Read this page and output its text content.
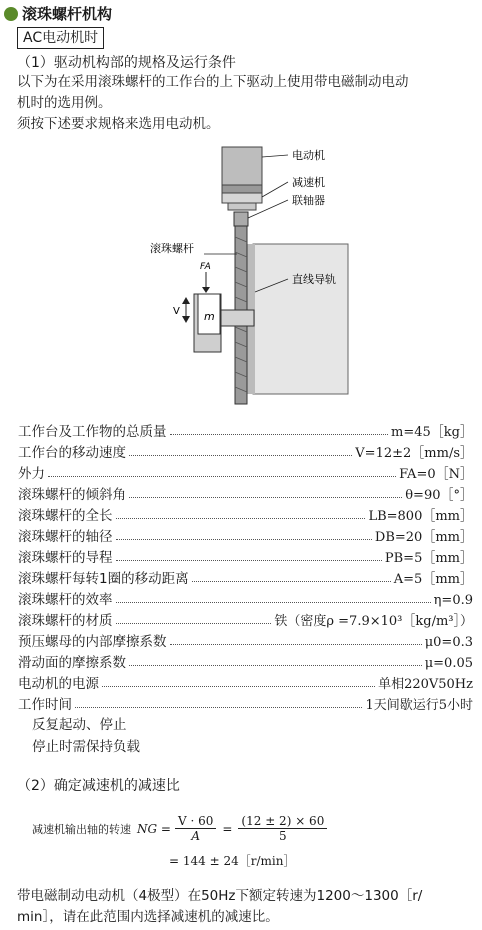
滚珠螺杆机构
AC电动机时
（1）驱动机构部的规格及运行条件
以下为在采用滚珠螺杆的工作台的上下驱动上使用带电磁制动电动
机时的选用例。
须按下述要求规格来选用电动机。
m
FA
V
电动机
减速机
联轴器
滚珠螺杆
直线导轨
工作台及工作物的总质量	m=45［kg］
工作台的移动速度	V=12±2［mm/s］
外力	FA=0［N］
滚珠螺杆的倾斜角	θ=90［°］
滚珠螺杆的全长	LB=800［mm］
滚珠螺杆的轴径	DB=20［mm］
滚珠螺杆的导程	PB=5［mm］
滚珠螺杆每转1圈的移动距离	A=5［mm］
滚珠螺杆的效率	η=0.9
滚珠螺杆的材质	铁（密度ρ =7.9×10³［kg/m³］）
预压螺母的内部摩擦系数	μ0=0.3
滑动面的摩擦系数	μ=0.05
电动机的电源	单相220V50Hz
工作时间	1天间歇运行5小时
反复起动、停止
停止时需保持负载
（2）确定减速机的减速比
减速机输出轴的转速 NG = $\frac{V \cdot 60}{A} = \frac{(12 \pm 2) \times 60}{5}$
= 144 ± 24［r/min］
带电磁制动电动机（4极型）在50Hz下额定转速为1200～1300［r/
min］，请在此范围内选择减速机的减速比。
